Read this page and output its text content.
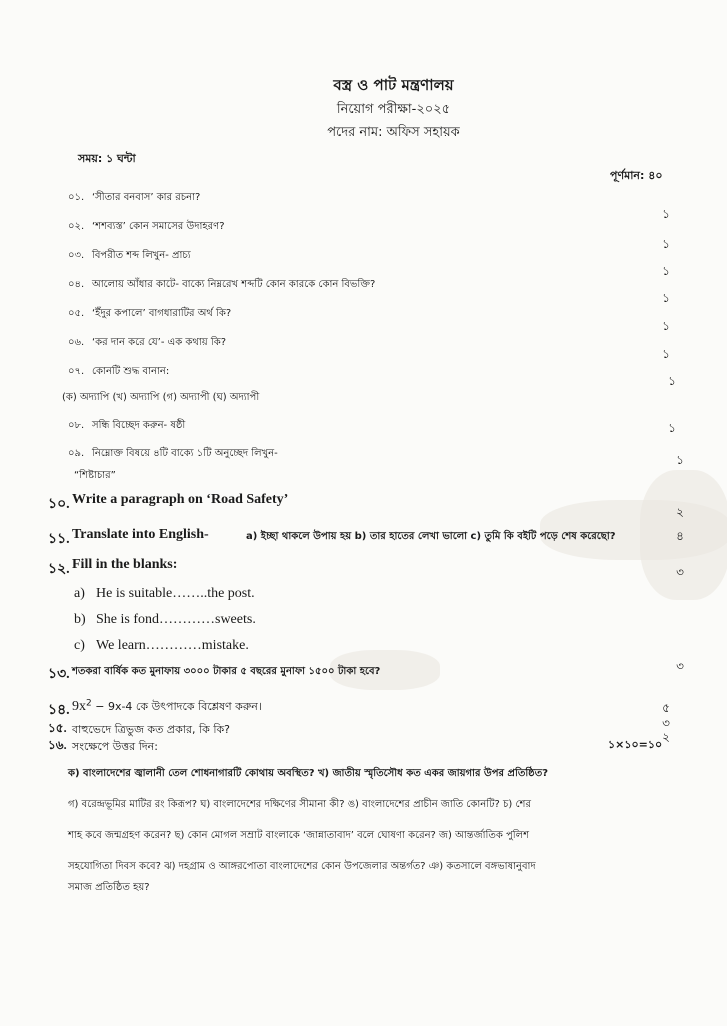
বস্ত্র ও পাট মন্ত্রণালয়
নিয়োগ পরীক্ষা-২০২৫
পদের নাম: অফিস সহায়ক
সময়: ১ ঘন্টা
পূর্ণমান: ৪০
০১. ‘সীতার বনবাস’ কার রচনা?
১
০২. ‘শশব্যস্ত’ কোন সমাসের উদাহরণ?
১
০৩. বিপরীত শব্দ লিখুন- প্রাচ্য
১
০৪. আলোয় আঁধার কাটে- বাক্যে নিম্নরেখ শব্দটি কোন কারকে কোন বিভক্তি?
১
০৫. ‘ইঁদুর কপালে’ বাগধারাটির অর্থ কি?
১
০৬. ‘কর দান করে যে’- এক কথায় কি?
১
০৭. কোনটি শুদ্ধ বানান:
১
(ক) অদ্যাপি (খ) অদ্যাপি (গ) অদ্যাপী (ঘ) অদ্যাপী
১
০৮. সন্ধি বিচ্ছেদ করুন- ষষ্ঠী
১
০৯. নিম্নোক্ত বিষয়ে ৪টি বাক্যে ১টি অনুচ্ছেদ লিখুন-
২
“শিষ্টাচার”
১০. Write a paragraph on ‘Road Safety’
৪
১১. Translate into English-	a) ইচ্ছা থাকলে উপায় হয় b) তার হাতের লেখা ভালো c) তুমি কি বইটি পড়ে শেষ করেছো?
৩
১২. Fill in the blanks:
৩
a) He is suitable……..the post.
b) She is fond…………sweets.
c) We learn…………mistake.
১৩. শতকরা বার্ষিক কত মুনাফায় ৩০০০ টাকার ৫ বছরের মুনাফা ১৫০০ টাকা হবে?
৫
১৪. $9x^2 - 9x-4$ কে উৎপাদকে বিশ্লেষণ করুন।
৩
১৫. বাহুভেদে ত্রিভুজ কত প্রকার, কি কি?
২
১৬. সংক্ষেপে উত্তর দিন:	১×১০=১০
ক) বাংলাদেশের জ্বালানী তেল শোধনাগারটি কোথায় অবস্থিত? খ) জাতীয় স্মৃতিসৌধ কত একর জায়গার উপর প্রতিষ্ঠিত?
গ) বরেন্দ্রভূমির মাটির রং কিরূপ? ঘ) বাংলাদেশের দক্ষিণের সীমানা কী? ঙ) বাংলাদেশের প্রাচীন জাতি কোনটি? চ) শের
শাহ কবে জন্মগ্রহণ করেন? ছ) কোন মোগল সম্রাট বাংলাকে ‘জান্নাতাবাদ’ বলে ঘোষণা করেন? জ) আন্তর্জাতিক পুলিশ
সহযোগিতা দিবস কবে? ঝ) দহগ্রাম ও আঙ্গরপোতা বাংলাদেশের কোন উপজেলার অন্তর্গত? ঞ) কতসালে বঙ্গভাষানুবাদ
সমাজ প্রতিষ্ঠিত হয়?
